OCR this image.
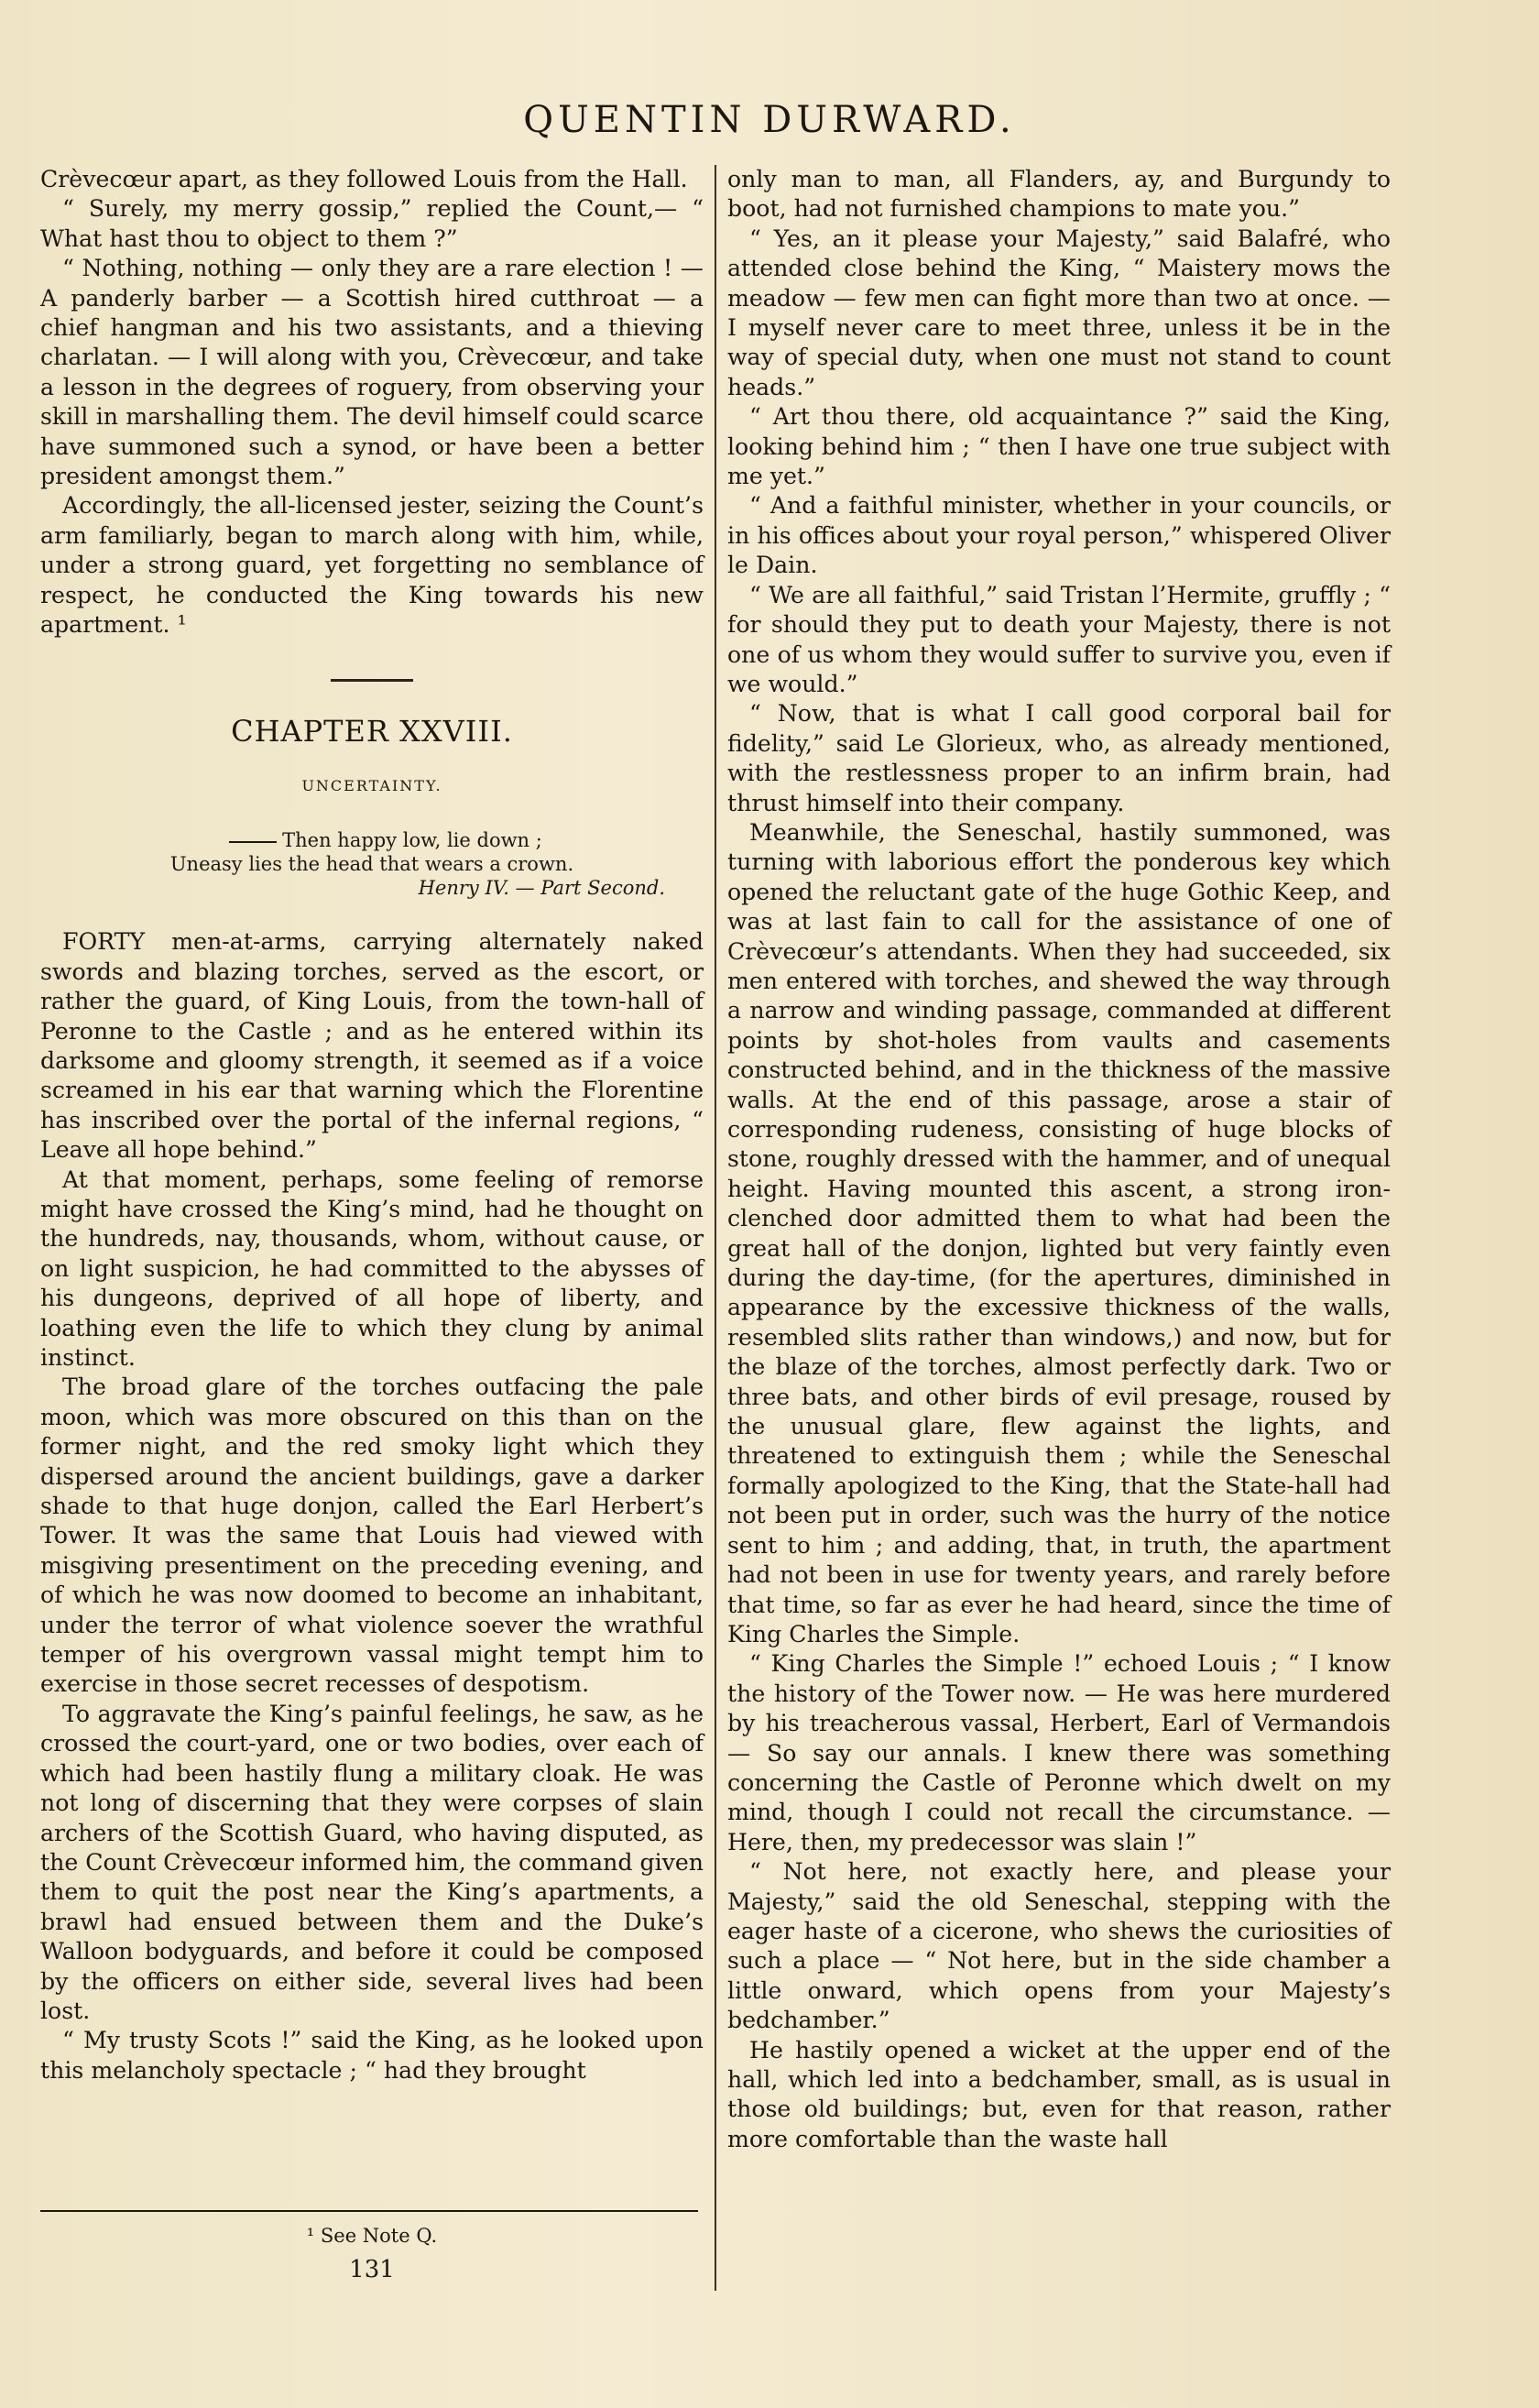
QUENTIN DURWARD.

Crèvecœur apart, as they followed Louis from the Hall.

“ Surely, my merry gossip,” replied the Count,— “ What hast thou to object to them ?”

“ Nothing, nothing — only they are a rare election ! — A panderly barber — a Scottish hired cutthroat — a chief hangman and his two assistants, and a thieving charlatan. — I will along with you, Crèvecœur, and take a lesson in the degrees of roguery, from observing your skill in marshalling them. The devil himself could scarce have summoned such a synod, or have been a better president amongst them.”

Accordingly, the all-licensed jester, seizing the Count’s arm familiarly, began to march along with him, while, under a strong guard, yet forgetting no semblance of respect, he conducted the King towards his new apartment. ¹

CHAPTER XXVIII.
UNCERTAINTY.
Then happy low, lie down ;
Uneasy lies the head that wears a crown.
Henry IV. — Part Second.

FORTY men-at-arms, carrying alternately naked swords and blazing torches, served as the escort, or rather the guard, of King Louis, from the town-hall of Peronne to the Castle ; and as he entered within its darksome and gloomy strength, it seemed as if a voice screamed in his ear that warning which the Florentine has inscribed over the portal of the infernal regions, “ Leave all hope behind.”

At that moment, perhaps, some feeling of remorse might have crossed the King’s mind, had he thought on the hundreds, nay, thousands, whom, without cause, or on light suspicion, he had committed to the abysses of his dungeons, deprived of all hope of liberty, and loathing even the life to which they clung by animal instinct.

The broad glare of the torches outfacing the pale moon, which was more obscured on this than on the former night, and the red smoky light which they dispersed around the ancient buildings, gave a darker shade to that huge donjon, called the Earl Herbert’s Tower. It was the same that Louis had viewed with misgiving presentiment on the preceding evening, and of which he was now doomed to become an inhabitant, under the terror of what violence soever the wrathful temper of his overgrown vassal might tempt him to exercise in those secret recesses of despotism.

To aggravate the King’s painful feelings, he saw, as he crossed the court-yard, one or two bodies, over each of which had been hastily flung a military cloak. He was not long of discerning that they were corpses of slain archers of the Scottish Guard, who having disputed, as the Count Crèvecœur informed him, the command given them to quit the post near the King’s apartments, a brawl had ensued between them and the Duke’s Walloon bodyguards, and before it could be composed by the officers on either side, several lives had been lost.

“ My trusty Scots !” said the King, as he looked upon this melancholy spectacle ; “ had they brought

only man to man, all Flanders, ay, and Burgundy to boot, had not furnished champions to mate you.”

“ Yes, an it please your Majesty,” said Balafré, who attended close behind the King, “ Maistery mows the meadow — few men can fight more than two at once. — I myself never care to meet three, unless it be in the way of special duty, when one must not stand to count heads.”

“ Art thou there, old acquaintance ?” said the King, looking behind him ; “ then I have one true subject with me yet.”

“ And a faithful minister, whether in your councils, or in his offices about your royal person,” whispered Oliver le Dain.

“ We are all faithful,” said Tristan l’Hermite, gruffly ; “ for should they put to death your Majesty, there is not one of us whom they would suffer to survive you, even if we would.”

“ Now, that is what I call good corporal bail for fidelity,” said Le Glorieux, who, as already mentioned, with the restlessness proper to an infirm brain, had thrust himself into their company.

Meanwhile, the Seneschal, hastily summoned, was turning with laborious effort the ponderous key which opened the reluctant gate of the huge Gothic Keep, and was at last fain to call for the assistance of one of Crèvecœur’s attendants. When they had succeeded, six men entered with torches, and shewed the way through a narrow and winding passage, commanded at different points by shot-holes from vaults and casements constructed behind, and in the thickness of the massive walls. At the end of this passage, arose a stair of corresponding rudeness, consisting of huge blocks of stone, roughly dressed with the hammer, and of unequal height. Having mounted this ascent, a strong iron-clenched door admitted them to what had been the great hall of the donjon, lighted but very faintly even during the day-time, (for the apertures, diminished in appearance by the excessive thickness of the walls, resembled slits rather than windows,) and now, but for the blaze of the torches, almost perfectly dark. Two or three bats, and other birds of evil presage, roused by the unusual glare, flew against the lights, and threatened to extinguish them ; while the Seneschal formally apologized to the King, that the State-hall had not been put in order, such was the hurry of the notice sent to him ; and adding, that, in truth, the apartment had not been in use for twenty years, and rarely before that time, so far as ever he had heard, since the time of King Charles the Simple.

“ King Charles the Simple !” echoed Louis ; “ I know the history of the Tower now. — He was here murdered by his treacherous vassal, Herbert, Earl of Vermandois — So say our annals. I knew there was something concerning the Castle of Peronne which dwelt on my mind, though I could not recall the circumstance. — Here, then, my predecessor was slain !”

“ Not here, not exactly here, and please your Majesty,” said the old Seneschal, stepping with the eager haste of a cicerone, who shews the curiosities of such a place — “ Not here, but in the side chamber a little onward, which opens from your Majesty’s bedchamber.”

He hastily opened a wicket at the upper end of the hall, which led into a bedchamber, small, as is usual in those old buildings; but, even for that reason, rather more comfortable than the waste hall

¹ See Note Q.
131
